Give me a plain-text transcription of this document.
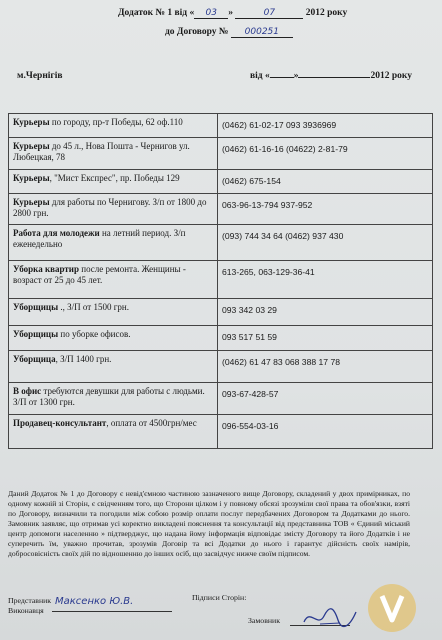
Додаток № 1 від « 03 »	07	2012 року
до Договору № 000251
м.Чернігів	від «	»	2012 року
Курьеры по городу, пр-т Победы, 62 оф.110	(0462) 61-02-17 093 3936969
Курьеры до 45 л., Нова Пошта - Чернигов ул. Любецкая, 78	(0462) 61-16-16 (04622) 2-81-79
Курьеры, "Мист Експрес", пр. Победы 129	(0462) 675-154
Курьеры для работы по Чернигову. З/п от 1800 до 2800 грн.	063-96-13-794 937-952
Работа для молодежи на летний период. З/п еженедельно	(093) 744 34 64 (0462) 937 430
Уборка квартир после ремонта. Женщины - возраст от 25 до 45 лет.	613-265, 063-129-36-41
Уборщицы ., З/П от 1500 грн.	093 342 03 29
Уборщицы по уборке офисов.	093 517 51 59
Уборщица, З/П 1400 грн.	(0462) 61 47 83 068 388 17 78
В офис требуются девушки для работы с людьми. З/П от 1300 грн.	093-67-428-57
Продавец-консультант, оплата от 4500грн/мес	096-554-03-16
Даний Додаток № 1 до Договору є невід'ємною частиною зазначеного вище Договору, складений у двох примірниках, по одному кожній зі Сторін, є свідченням того, що Сторони цілком і у повному обсязі зрозуміли свої права та обов'язки, взяті по Договору, визначили та погодили між собою розмір оплати послуг передбачених Договором та Додатками до нього. Замовник заявляє, що отримав усі коректно викладені пояснення та консультації від представника ТОВ « Єдиний міський центр допомоги населенню » підтверджує, що надана йому інформація відповідає змісту Договору та його Додатків і не суперечить їм, уважно прочитав, зрозумів Договір та всі Додатки до нього і гарантує дійсність своїх намірів, добросовісність своїх дій по відношенню до інших осіб, що засвідчує нижче своїм підписом.
Представник
Виконавця
Максенко Ю.В.	Підписи Сторін:
Замовник
